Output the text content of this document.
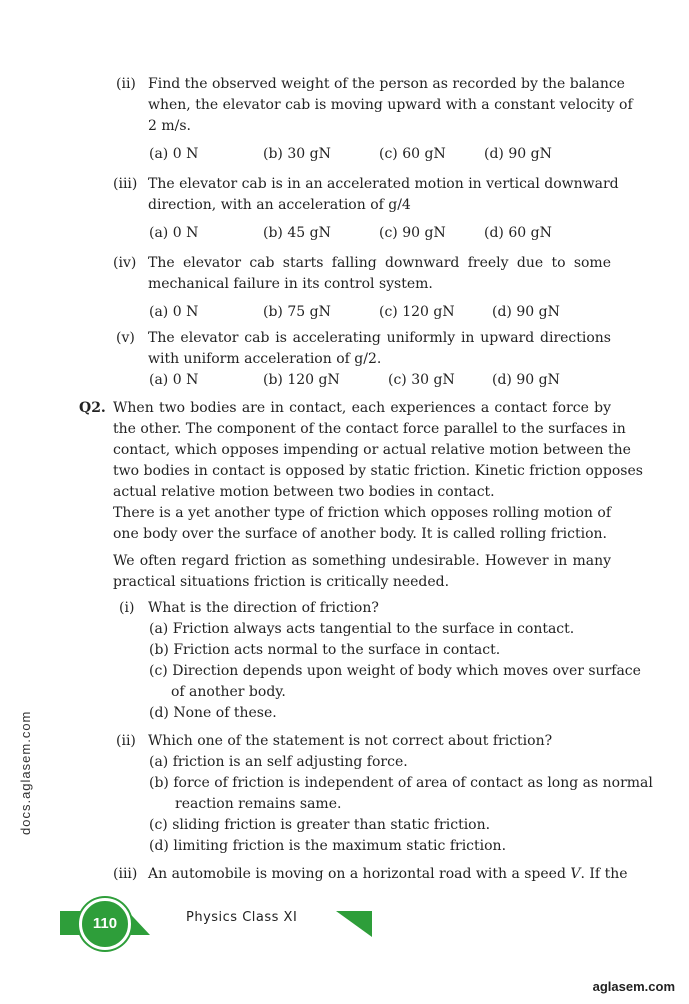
(ii) Find the observed weight of the person as recorded by the balance
when, the elevator cab is moving upward with a constant velocity of
2 m/s.
(a) 0 N	(b) 30 gN	(c) 60 gN	(d) 90 gN
(iii) The elevator cab is in an accelerated motion in vertical downward
direction, with an acceleration of g/4
(a) 0 N	(b) 45 gN	(c) 90 gN	(d) 60 gN
(iv) The elevator cab starts falling downward freely due to some
mechanical failure in its control system.
(a) 0 N	(b) 75 gN	(c) 120 gN	(d) 90 gN
(v) The elevator cab is accelerating uniformly in upward directions
with uniform acceleration of g/2.
(a) 0 N	(b) 120 gN	(c) 30 gN	(d) 90 gN
Q2. When two bodies are in contact, each experiences a contact force by
the other. The component of the contact force parallel to the surfaces in
contact, which opposes impending or actual relative motion between the
two bodies in contact is opposed by static friction. Kinetic friction opposes
actual relative motion between two bodies in contact.
There is a yet another type of friction which opposes rolling motion of
one body over the surface of another body. It is called rolling friction.
We often regard friction as something undesirable. However in many
practical situations friction is critically needed.
(i) What is the direction of friction?
(a) Friction always acts tangential to the surface in contact.
(b) Friction acts normal to the surface in contact.
(c) Direction depends upon weight of body which moves over surface
of another body.
(d) None of these.
(ii) Which one of the statement is not correct about friction?
(a) friction is an self adjusting force.
(b) force of friction is independent of area of contact as long as normal
reaction remains same.
(c) sliding friction is greater than static friction.
(d) limiting friction is the maximum static friction.
(iii) An automobile is moving on a horizontal road with a speed V. If the
docs.aglasem.com
110	Physics Class XI
aglasem.com
